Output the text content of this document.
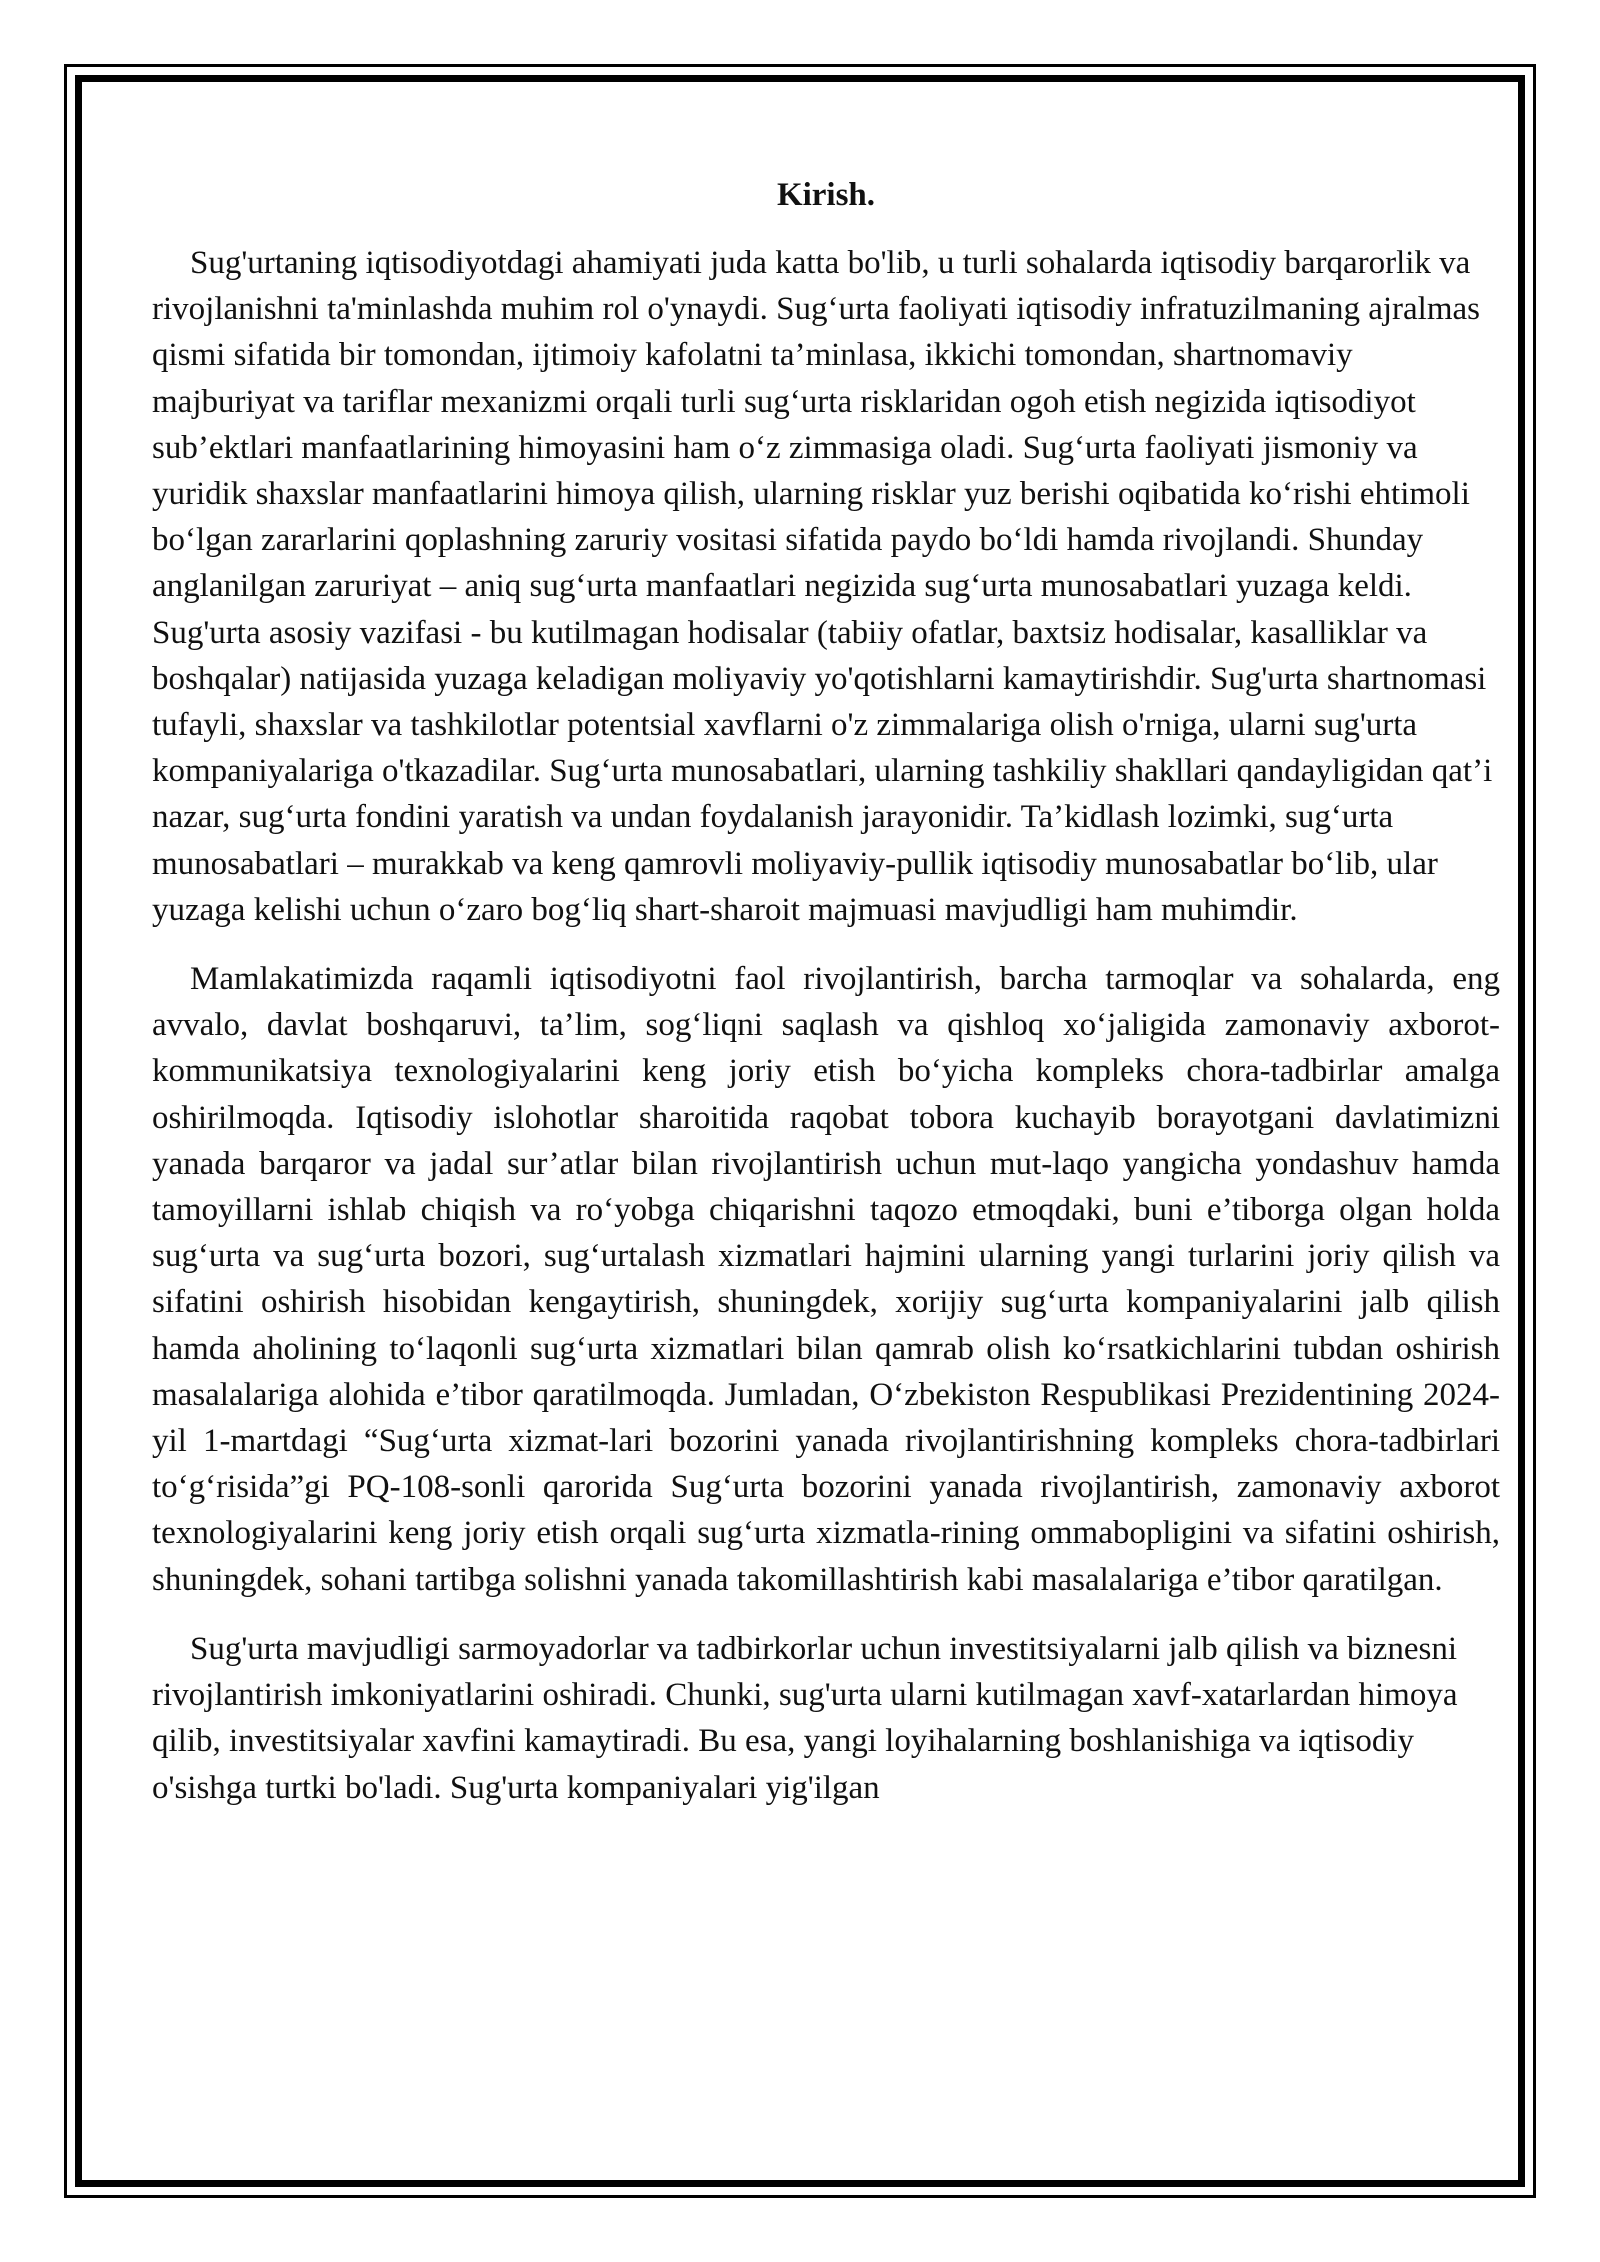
Kirish.

Sug'urtaning iqtisodiyotdagi ahamiyati juda katta bo'lib, u turli sohalarda iqtisodiy barqarorlik va rivojlanishni ta'minlashda muhim rol o'ynaydi. Sug‘urta faoliyati iqtisodiy infratuzilmaning ajralmas qismi sifatida bir tomondan, ijtimoiy kafolatni ta’minlasa, ikkichi tomondan, shartnomaviy majburiyat va tariflar mexanizmi orqali turli sug‘urta risklaridan ogoh etish negizida iqtisodiyot sub’ektlari manfaatlarining himoyasini ham o‘z zimmasiga oladi. Sug‘urta faoliyati jismoniy va yuridik shaxslar manfaatlarini himoya qilish, ularning risklar yuz berishi oqibatida ko‘rishi ehtimoli bo‘lgan zararlarini qoplashning zaruriy vositasi sifatida paydo bo‘ldi hamda rivojlandi. Shunday anglanilgan zaruriyat – aniq sug‘urta manfaatlari negizida sug‘urta munosabatlari yuzaga keldi. Sug'urta asosiy vazifasi - bu kutilmagan hodisalar (tabiiy ofatlar, baxtsiz hodisalar, kasalliklar va boshqalar) natijasida yuzaga keladigan moliyaviy yo'qotishlarni kamaytirishdir. Sug'urta shartnomasi tufayli, shaxslar va tashkilotlar potentsial xavflarni o'z zimmalariga olish o'rniga, ularni sug'urta kompaniyalariga o'tkazadilar. Sug‘urta munosabatlari, ularning tashkiliy shakllari qandayligidan qat’i nazar, sug‘urta fondini yaratish va undan foydalanish jarayonidir. Ta’kidlash lozimki, sug‘urta munosabatlari – murakkab va keng qamrovli moliyaviy-pullik iqtisodiy munosabatlar bo‘lib, ular yuzaga kelishi uchun o‘zaro bog‘liq shart-sharoit majmuasi mavjudligi ham muhimdir.

Mamlakatimizda raqamli iqtisodiyotni faol rivojlantirish, barcha tarmoqlar va sohalarda, eng avvalo, davlat boshqaruvi, ta’lim, sog‘liqni saqlash va qishloq xo‘jaligida zamonaviy axborot-kommunikatsiya texnologiyalarini keng joriy etish bo‘yicha kompleks chora-tadbirlar amalga oshirilmoqda. Iqtisodiy islohotlar sharoitida raqobat tobora kuchayib borayotgani davlatimizni yanada barqaror va jadal sur’atlar bilan rivojlantirish uchun mut-laqo yangicha yondashuv hamda tamoyillarni ishlab chiqish va ro‘yobga chiqarishni taqozo etmoqdaki, buni e’tiborga olgan holda sug‘urta va sug‘urta bozori, sug‘urtalash xizmatlari hajmini ularning yangi turlarini joriy qilish va sifatini oshirish hisobidan kengaytirish, shuningdek, xorijiy sug‘urta kompaniyalarini jalb qilish hamda aholining to‘laqonli sug‘urta xizmatlari bilan qamrab olish ko‘rsatkichlarini tubdan oshirish masalalariga alohida e’tibor qaratilmoqda. Jumladan, O‘zbekiston Respublikasi Prezidentining 2024-yil 1-martdagi “Sug‘urta xizmat-lari bozorini yanada rivojlantirishning kompleks chora-tadbirlari to‘g‘risida”gi PQ-108-sonli qarorida Sug‘urta bozorini yanada rivojlantirish, zamonaviy axborot texnologiyalarini keng joriy etish orqali sug‘urta xizmatla-rining ommabopligini va sifatini oshirish, shuningdek, sohani tartibga solishni yanada takomillashtirish kabi masalalariga e’tibor qaratilgan.

Sug'urta mavjudligi sarmoyadorlar va tadbirkorlar uchun investitsiyalarni jalb qilish va biznesni rivojlantirish imkoniyatlarini oshiradi. Chunki, sug'urta ularni kutilmagan xavf-xatarlardan himoya qilib, investitsiyalar xavfini kamaytiradi. Bu esa, yangi loyihalarning boshlanishiga va iqtisodiy o'sishga turtki bo'ladi. Sug'urta kompaniyalari yig'ilgan
